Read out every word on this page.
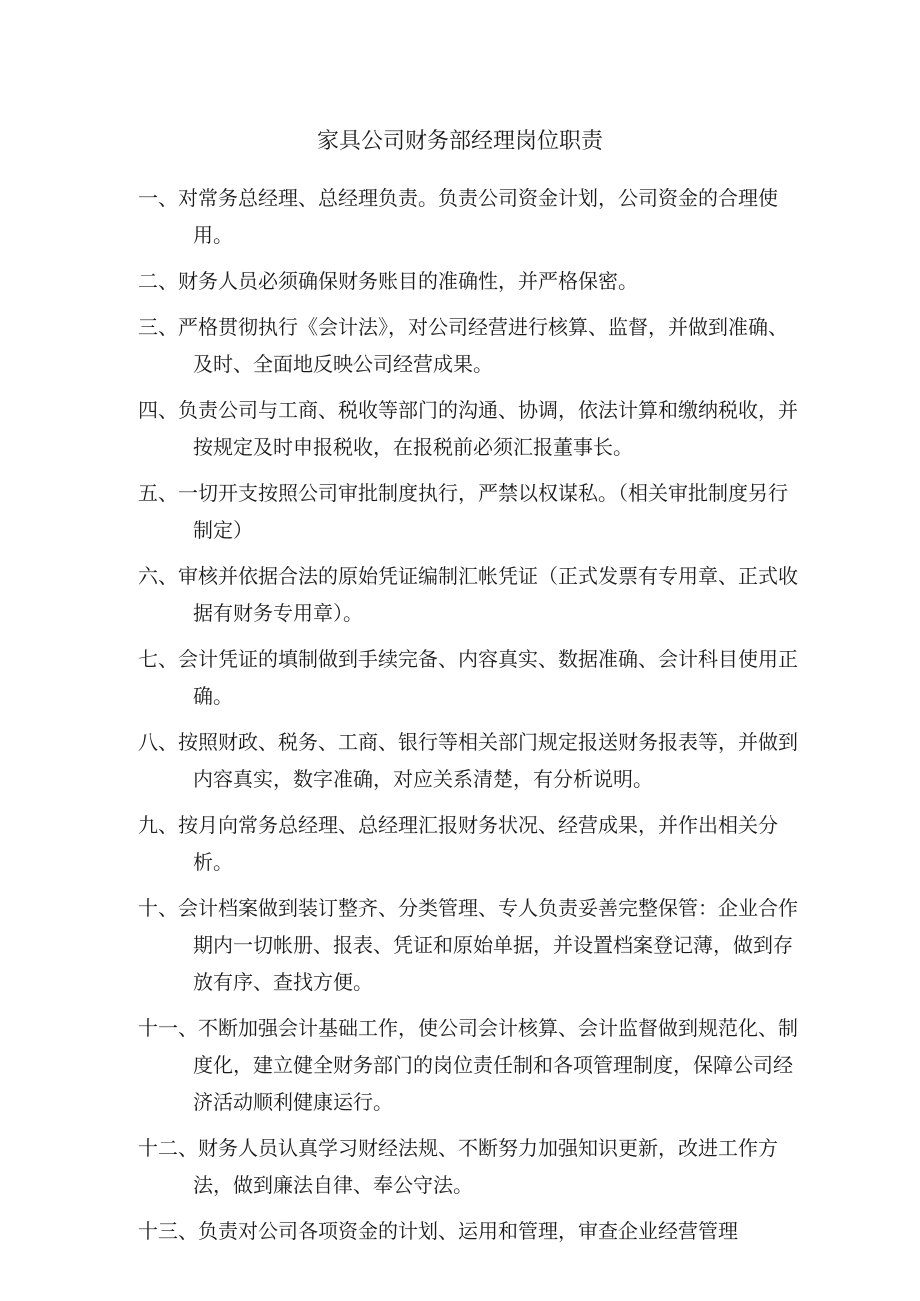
家具公司财务部经理岗位职责
一、对常务总经理、总经理负责。负责公司资金计划，公司资金的合理使用。
二、财务人员必须确保财务账目的准确性，并严格保密。
三、严格贯彻执行《会计法》，对公司经营进行核算、监督，并做到准确、及时、全面地反映公司经营成果。
四、负责公司与工商、税收等部门的沟通、协调，依法计算和缴纳税收，并按规定及时申报税收，在报税前必须汇报董事长。
五、一切开支按照公司审批制度执行，严禁以权谋私。（相关审批制度另行制定）
六、审核并依据合法的原始凭证编制汇帐凭证（正式发票有专用章、正式收据有财务专用章）。
七、会计凭证的填制做到手续完备、内容真实、数据准确、会计科目使用正确。
八、按照财政、税务、工商、银行等相关部门规定报送财务报表等，并做到内容真实，数字准确，对应关系清楚，有分析说明。
九、按月向常务总经理、总经理汇报财务状况、经营成果，并作出相关分析。
十、会计档案做到装订整齐、分类管理、专人负责妥善完整保管：企业合作期内一切帐册、报表、凭证和原始单据，并设置档案登记薄，做到存放有序、查找方便。
十一、不断加强会计基础工作，使公司会计核算、会计监督做到规范化、制度化，建立健全财务部门的岗位责任制和各项管理制度，保障公司经济活动顺利健康运行。
十二、财务人员认真学习财经法规、不断努力加强知识更新，改进工作方法，做到廉法自律、奉公守法。
十三、负责对公司各项资金的计划、运用和管理，审查企业经营管理
